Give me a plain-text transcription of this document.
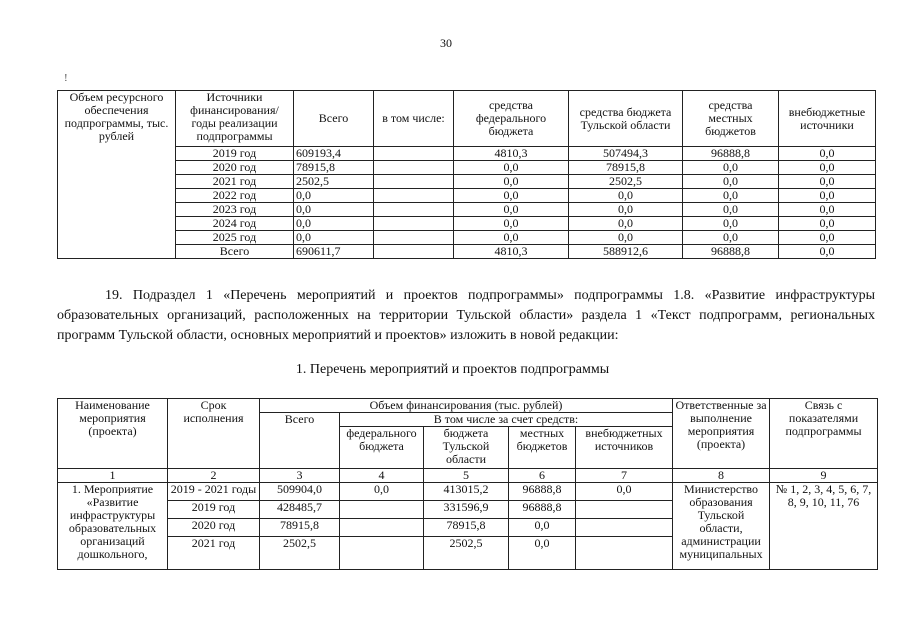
30
!
Объем ресурсного обеспечения подпрограммы, тыс. рублей	Источники финансирования/ годы реализации подпрограммы	Всего	в том числе:	средства федерального бюджета	средства бюджета Тульской области	средства местных бюджетов	внебюджетные источники
	2019 год	609193,4		4810,3	507494,3	96888,8	0,0
	2020 год	78915,8		0,0	78915,8	0,0	0,0
	2021 год	2502,5		0,0	2502,5	0,0	0,0
	2022 год	0,0		0,0	0,0	0,0	0,0
	2023 год	0,0		0,0	0,0	0,0	0,0
	2024 год	0,0		0,0	0,0	0,0	0,0
	2025 год	0,0		0,0	0,0	0,0	0,0
	Всего	690611,7		4810,3	588912,6	96888,8	0,0
19. Подраздел 1 «Перечень мероприятий и проектов подпрограммы» подпрограммы 1.8. «Развитие инфраструктуры образовательных организаций, расположенных на территории Тульской области» раздела 1 «Текст подпрограмм, региональных программ Тульской области, основных мероприятий и проектов» изложить в новой редакции:
1. Перечень мероприятий и проектов подпрограммы
Наименование мероприятия (проекта)	Срок исполнения	Объем финансирования (тыс. рублей)					Ответственные за выполнение мероприятия (проекта)	Связь с показателями подпрограммы
		Всего	В том числе за счет средств:					
			федерального бюджета	бюджета Тульской области	местных бюджетов	внебюджетных источников		
1	2	3	4	5	6	7	8	9
1. Мероприятие «Развитие инфраструктуры образовательных организаций дошкольного,	2019 - 2021 годы	509904,0	0,0	413015,2	96888,8	0,0	Министерство образования Тульской области, администрации муниципальных	№ 1, 2, 3, 4, 5, 6, 7, 8, 9, 10, 11, 76
	2019 год	428485,7		331596,9	96888,8			
	2020 год	78915,8		78915,8	0,0			
	2021 год	2502,5		2502,5	0,0			
